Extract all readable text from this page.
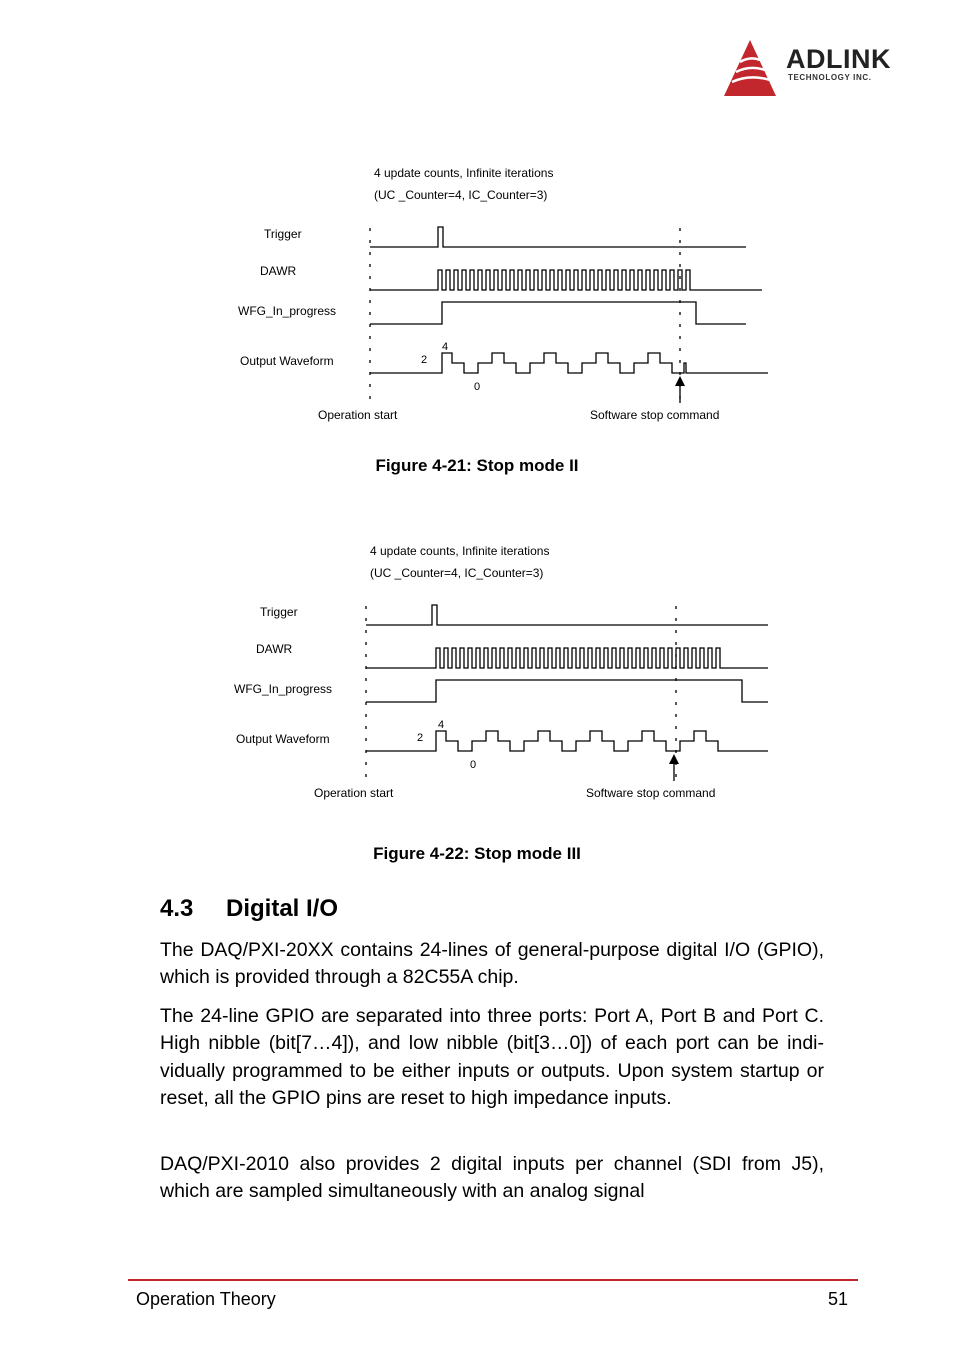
ADLINK
TECHNOLOGY INC.
4 update counts, Infinite iterations
(UC _Counter=4, IC_Counter=3)
Trigger
DAWR
WFG_In_progress
Output Waveform	2
4
0
Operation start	Software stop command
Figure 4-21: Stop mode II
4 update counts, Infinite iterations
(UC _Counter=4, IC_Counter=3)
Trigger
DAWR
WFG_In_progress
Output Waveform	2
4
0
Operation start	Software stop command
Figure 4-22: Stop mode III
4.3 Digital I/O

The DAQ/PXI-20XX contains 24-lines of general-purpose digital I/O (GPIO), which is provided through a 82C55A chip.

The 24-line GPIO are separated into three ports: Port A, Port B and Port C. High nibble (bit[7…4]), and low nibble (bit[3…0]) of each port can be indi-vidually programmed to be either inputs or outputs. Upon system startup or reset, all the GPIO pins are reset to high impedance inputs.

DAQ/PXI-2010 also provides 2 digital inputs per channel (SDI from J5), which are sampled simultaneously with an analog signal

Operation Theory	51
